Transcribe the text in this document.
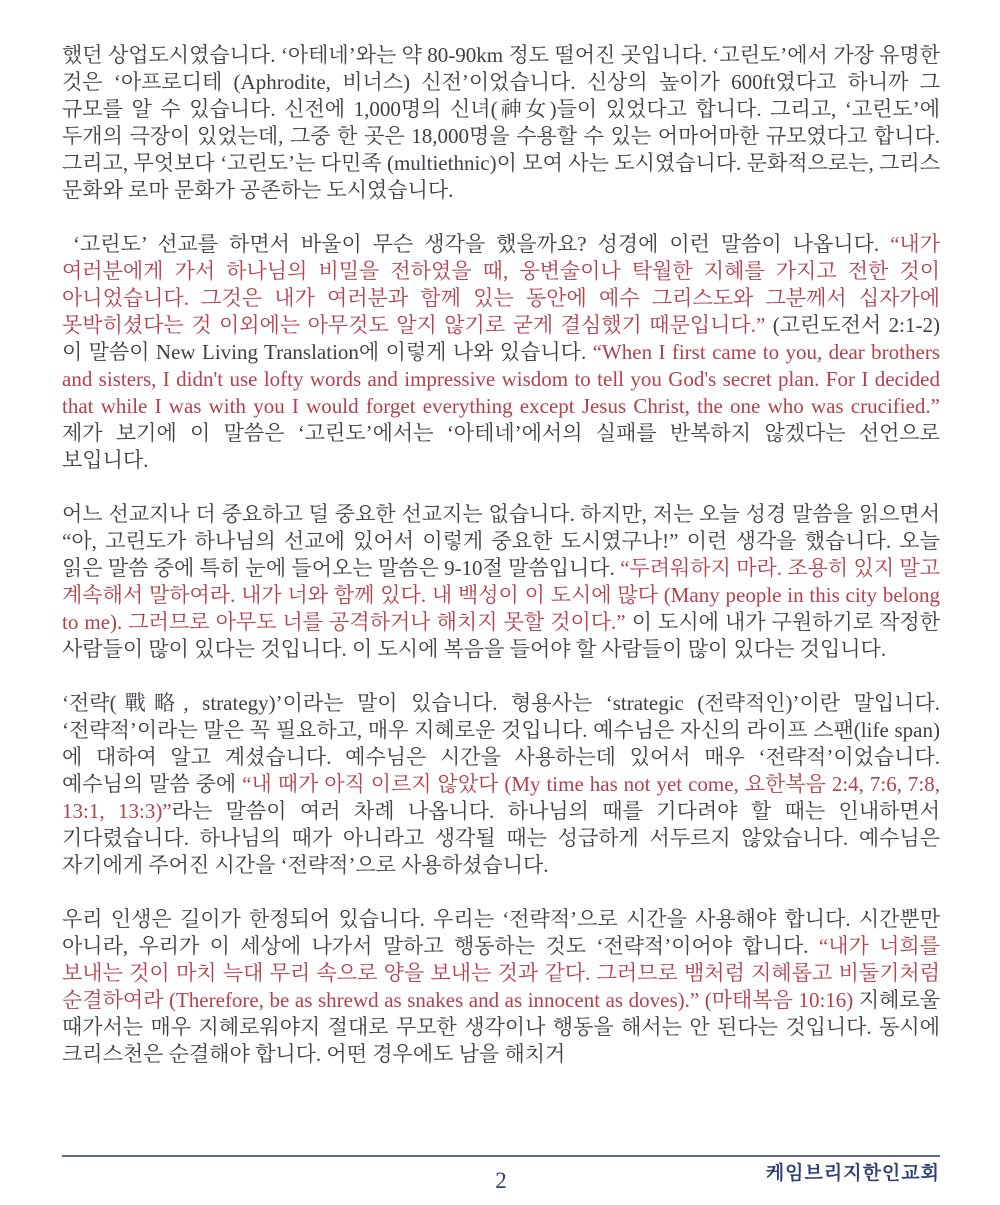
했던 상업도시였습니다. ‘아테네’와는 약 80-90km 정도 떨어진 곳입니다. ‘고린도’에서 가장 유명한 것은 ‘아프로디테 (Aphrodite, 비너스) 신전’이었습니다. 신상의 높이가 600ft였다고 하니까 그 규모를 알 수 있습니다. 신전에 1,000명의 신녀(神女)들이 있었다고 합니다. 그리고, ‘고린도’에 두개의 극장이 있었는데, 그중 한 곳은 18,000명을 수용할 수 있는 어마어마한 규모였다고 합니다. 그리고, 무엇보다 ‘고린도’는 다민족 (multiethnic)이 모여 사는 도시였습니다. 문화적으로는, 그리스 문화와 로마 문화가 공존하는 도시였습니다.

‘고린도’ 선교를 하면서 바울이 무슨 생각을 했을까요? 성경에 이런 말씀이 나옵니다. “내가 여러분에게 가서 하나님의 비밀을 전하였을 때, 웅변술이나 탁월한 지혜를 가지고 전한 것이 아니었습니다. 그것은 내가 여러분과 함께 있는 동안에 예수 그리스도와 그분께서 십자가에 못박히셨다는 것 이외에는 아무것도 알지 않기로 굳게 결심했기 때문입니다.” (고린도전서 2:1-2) 이 말씀이 New Living Translation에 이렇게 나와 있습니다. “When I first came to you, dear brothers and sisters, I didn't use lofty words and impressive wisdom to tell you God's secret plan. For I decided that while I was with you I would forget everything except Jesus Christ, the one who was crucified.” 제가 보기에 이 말씀은 ‘고린도’에서는 ‘아테네’에서의 실패를 반복하지 않겠다는 선언으로 보입니다.

어느 선교지나 더 중요하고 덜 중요한 선교지는 없습니다. 하지만, 저는 오늘 성경 말씀을 읽으면서 “아, 고린도가 하나님의 선교에 있어서 이렇게 중요한 도시였구나!” 이런 생각을 했습니다. 오늘 읽은 말씀 중에 특히 눈에 들어오는 말씀은 9-10절 말씀입니다. “두려워하지 마라. 조용히 있지 말고 계속해서 말하여라. 내가 너와 함께 있다. 내 백성이 이 도시에 많다 (Many people in this city belong to me). 그러므로 아무도 너를 공격하거나 해치지 못할 것이다.” 이 도시에 내가 구원하기로 작정한 사람들이 많이 있다는 것입니다. 이 도시에 복음을 들어야 할 사람들이 많이 있다는 것입니다.

‘전략(戰略, strategy)’이라는 말이 있습니다. 형용사는 ‘strategic (전략적인)’이란 말입니다. ‘전략적’이라는 말은 꼭 필요하고, 매우 지혜로운 것입니다. 예수님은 자신의 라이프 스팬(life span)에 대하여 알고 계셨습니다. 예수님은 시간을 사용하는데 있어서 매우 ‘전략적’이었습니다. 예수님의 말씀 중에 “내 때가 아직 이르지 않았다 (My time has not yet come, 요한복음 2:4, 7:6, 7:8, 13:1, 13:3)”라는 말씀이 여러 차례 나옵니다. 하나님의 때를 기다려야 할 때는 인내하면서 기다렸습니다. 하나님의 때가 아니라고 생각될 때는 성급하게 서두르지 않았습니다. 예수님은 자기에게 주어진 시간을 ‘전략적’으로 사용하셨습니다.

우리 인생은 길이가 한정되어 있습니다. 우리는 ‘전략적’으로 시간을 사용해야 합니다. 시간뿐만 아니라, 우리가 이 세상에 나가서 말하고 행동하는 것도 ‘전략적’이어야 합니다. “내가 너희를 보내는 것이 마치 늑대 무리 속으로 양을 보내는 것과 같다. 그러므로 뱀처럼 지혜롭고 비둘기처럼 순결하여라 (Therefore, be as shrewd as snakes and as innocent as doves).” (마태복음 10:16) 지혜로울 때가서는 매우 지혜로워야지 절대로 무모한 생각이나 행동을 해서는 안 된다는 것입니다. 동시에 크리스천은 순결해야 합니다. 어떤 경우에도 남을 해치거

케임브리지한인교회
2
